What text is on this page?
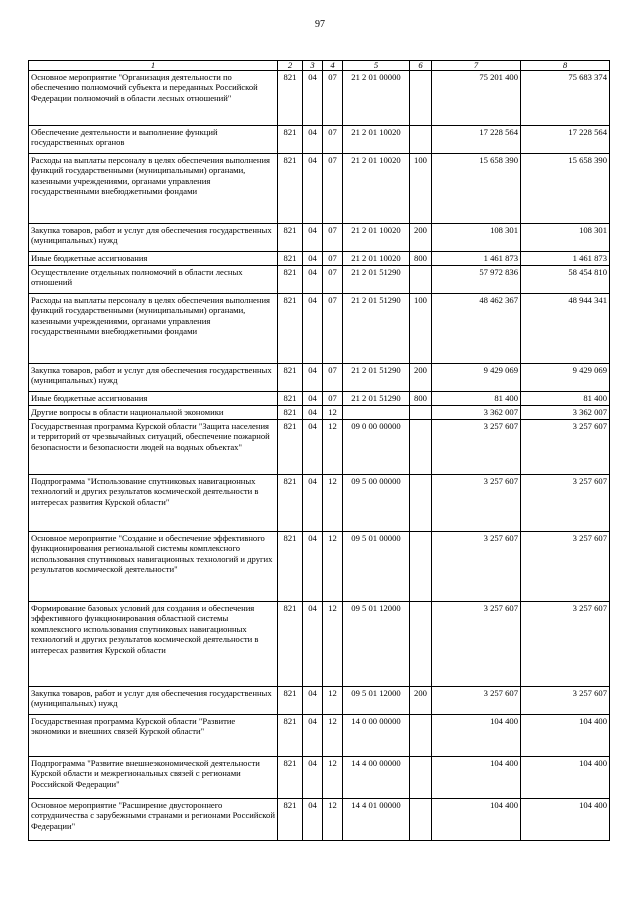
97
1	2	3	4	5	6	7	8
Основное мероприятие "Организация деятельности по обеспечению полномочий субъекта и переданных Российской Федерации полномочий в области лесных отношений"	821	04	07	21 2 01 00000		75 201 400	75 683 374
Обеспечение деятельности и выполнение функций государственных органов	821	04	07	21 2 01 10020		17 228 564	17 228 564
Расходы на выплаты персоналу в целях обеспечения выполнения функций государственными (муниципальными) органами, казенными учреждениями, органами управления государственными внебюджетными фондами	821	04	07	21 2 01 10020	100	15 658 390	15 658 390
Закупка товаров, работ и услуг для обеспечения государственных (муниципальных) нужд	821	04	07	21 2 01 10020	200	108 301	108 301
Иные бюджетные ассигнования	821	04	07	21 2 01 10020	800	1 461 873	1 461 873
Осуществление отдельных полномочий в области лесных отношений	821	04	07	21 2 01 51290		57 972 836	58 454 810
Расходы на выплаты персоналу в целях обеспечения выполнения функций государственными (муниципальными) органами, казенными учреждениями, органами управления государственными внебюджетными фондами	821	04	07	21 2 01 51290	100	48 462 367	48 944 341
Закупка товаров, работ и услуг для обеспечения государственных (муниципальных) нужд	821	04	07	21 2 01 51290	200	9 429 069	9 429 069
Иные бюджетные ассигнования	821	04	07	21 2 01 51290	800	81 400	81 400
Другие вопросы в области национальной экономики	821	04	12			3 362 007	3 362 007
Государственная программа Курской области "Защита населения и территорий от чрезвычайных ситуаций, обеспечение пожарной безопасности и безопасности людей на водных объектах"	821	04	12	09 0 00 00000		3 257 607	3 257 607
Подпрограмма "Использование спутниковых навигационных технологий и других результатов космической деятельности в интересах развития Курской области"	821	04	12	09 5 00 00000		3 257 607	3 257 607
Основное мероприятие "Создание и обеспечение эффективного функционирования региональной системы комплексного использования спутниковых навигационных технологий и других результатов космической деятельности"	821	04	12	09 5 01 00000		3 257 607	3 257 607
Формирование базовых условий для создания и обеспечения эффективного функционирования областной системы комплексного использования спутниковых навигационных технологий и других результатов космической деятельности в интересах развития Курской области	821	04	12	09 5 01 12000		3 257 607	3 257 607
Закупка товаров, работ и услуг для обеспечения государственных (муниципальных) нужд	821	04	12	09 5 01 12000	200	3 257 607	3 257 607
Государственная программа Курской области "Развитие экономики и внешних связей Курской области"	821	04	12	14 0 00 00000		104 400	104 400
Подпрограмма "Развитие внешнеэкономической деятельности Курской области и межрегиональных связей с регионами Российской Федерации"	821	04	12	14 4 00 00000		104 400	104 400
Основное мероприятие "Расширение двустороннего сотрудничества с зарубежными странами и регионами Российской Федерации"	821	04	12	14 4 01 00000		104 400	104 400
